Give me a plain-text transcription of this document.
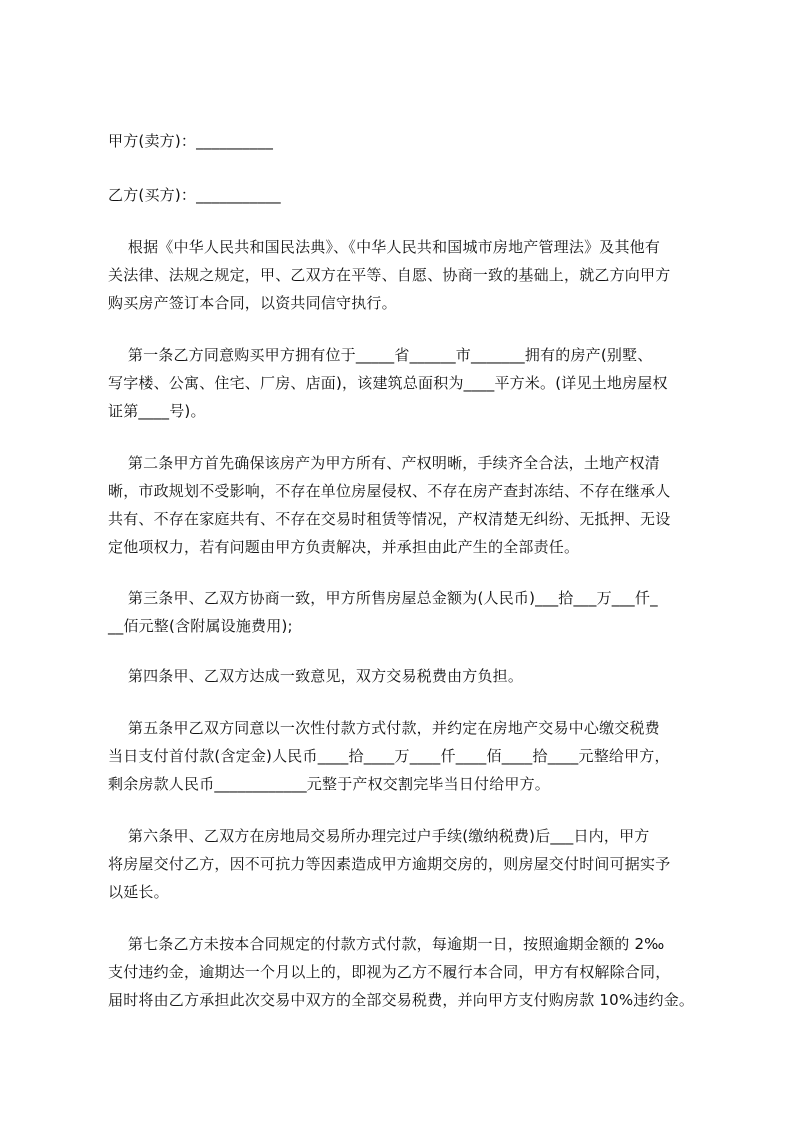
甲方(卖方)：__________

乙方(买方)：___________

根据《中华人民共和国民法典》、《中华人民共和国城市房地产管理法》及其他有

关法律、法规之规定，甲、乙双方在平等、自愿、协商一致的基础上，就乙方向甲方

购买房产签订本合同，以资共同信守执行。

第一条乙方同意购买甲方拥有位于_____省______市_______拥有的房产(别墅、

写字楼、公寓、住宅、厂房、店面)，该建筑总面积为____平方米。(详见土地房屋权

证第____号)。

第二条甲方首先确保该房产为甲方所有、产权明晰，手续齐全合法，土地产权清

晰，市政规划不受影响，不存在单位房屋侵权、不存在房产查封冻结、不存在继承人

共有、不存在家庭共有、不存在交易时租赁等情况，产权清楚无纠纷、无抵押、无设

定他项权力，若有问题由甲方负责解决，并承担由此产生的全部责任。

第三条甲、乙双方协商一致，甲方所售房屋总金额为(人民币)___拾___万___仟_

__佰元整(含附属设施费用);

第四条甲、乙双方达成一致意见，双方交易税费由方负担。

第五条甲乙双方同意以一次性付款方式付款，并约定在房地产交易中心缴交税费

当日支付首付款(含定金)人民币____拾____万____仟____佰____拾____元整给甲方，

剩余房款人民币____________元整于产权交割完毕当日付给甲方。

第六条甲、乙双方在房地局交易所办理完过户手续(缴纳税费)后___日内，甲方

将房屋交付乙方，因不可抗力等因素造成甲方逾期交房的，则房屋交付时间可据实予

以延长。

第七条乙方未按本合同规定的付款方式付款，每逾期一日，按照逾期金额的 2‰

支付违约金，逾期达一个月以上的，即视为乙方不履行本合同，甲方有权解除合同，

届时将由乙方承担此次交易中双方的全部交易税费，并向甲方支付购房款 10%违约金。
